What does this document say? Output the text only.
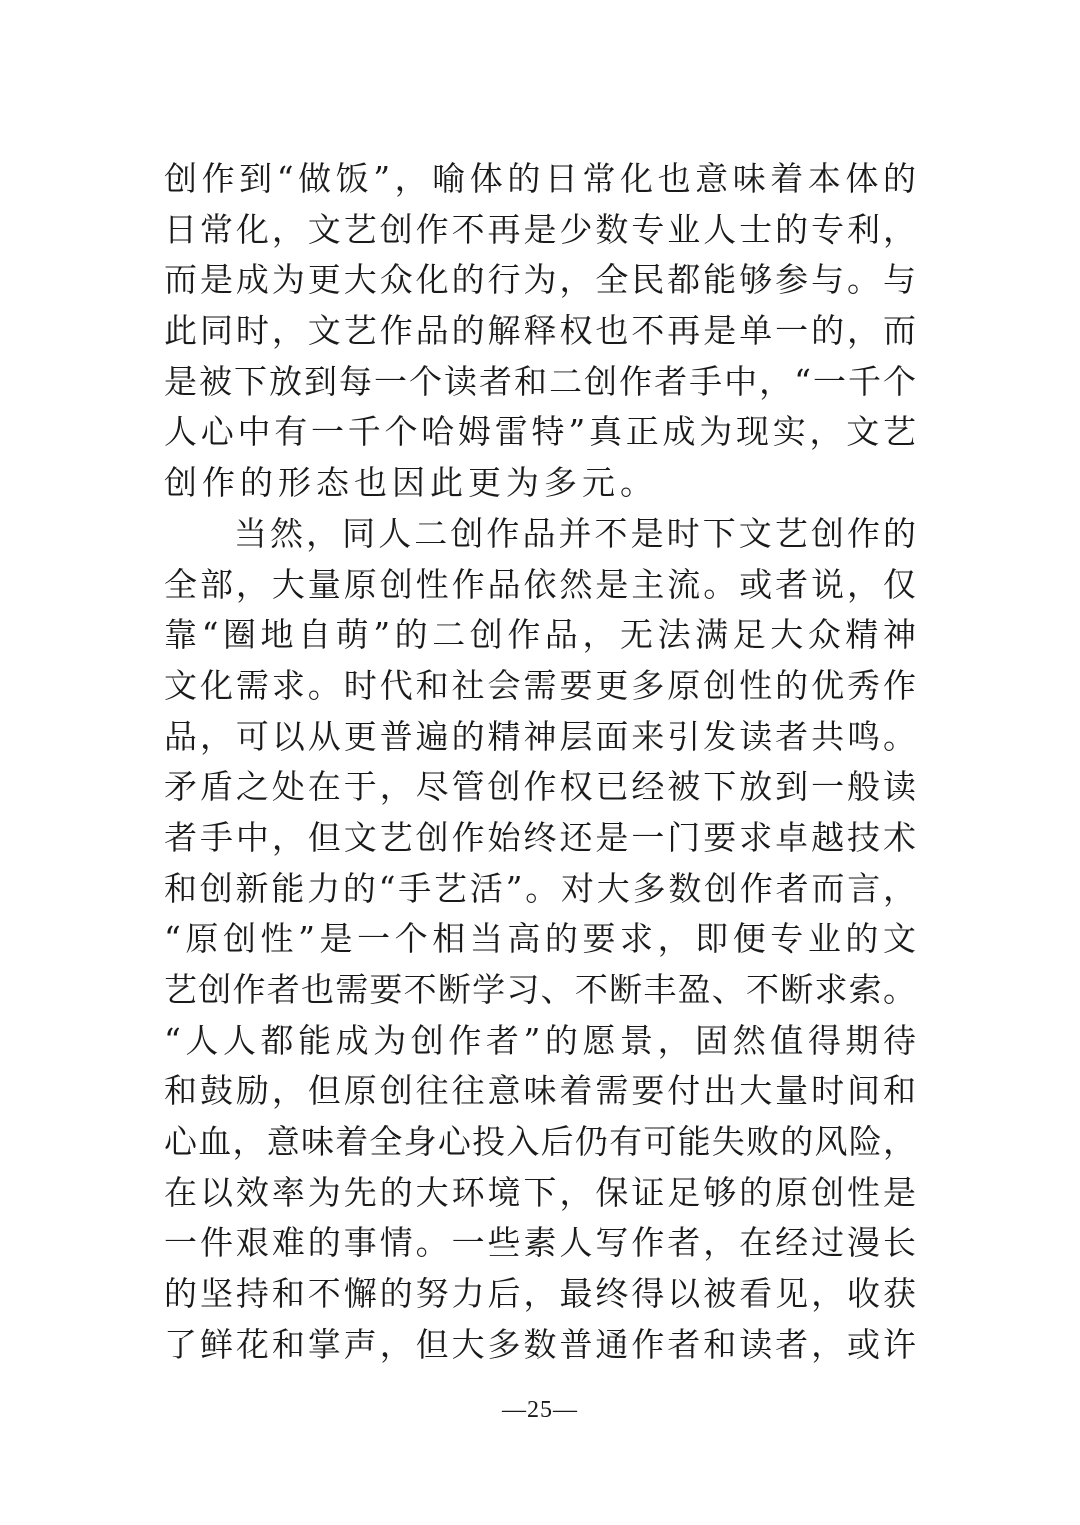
创作到“做饭”，喻体的日常化也意味着本体的
日常化，文艺创作不再是少数专业人士的专利，
而是成为更大众化的行为，全民都能够参与。与
此同时，文艺作品的解释权也不再是单一的，而
是被下放到每一个读者和二创作者手中，“一千个
人心中有一千个哈姆雷特”真正成为现实，文艺
创作的形态也因此更为多元。
当然，同人二创作品并不是时下文艺创作的
全部，大量原创性作品依然是主流。或者说，仅
靠“圈地自萌”的二创作品，无法满足大众精神
文化需求。时代和社会需要更多原创性的优秀作
品，可以从更普遍的精神层面来引发读者共鸣。
矛盾之处在于，尽管创作权已经被下放到一般读
者手中，但文艺创作始终还是一门要求卓越技术
和创新能力的“手艺活”。对大多数创作者而言，
“原创性”是一个相当高的要求，即便专业的文
艺创作者也需要不断学习、不断丰盈、不断求索。
“人人都能成为创作者”的愿景，固然值得期待
和鼓励，但原创往往意味着需要付出大量时间和
心血，意味着全身心投入后仍有可能失败的风险，
在以效率为先的大环境下，保证足够的原创性是
一件艰难的事情。一些素人写作者，在经过漫长
的坚持和不懈的努力后，最终得以被看见，收获
了鲜花和掌声，但大多数普通作者和读者，或许
—25—
